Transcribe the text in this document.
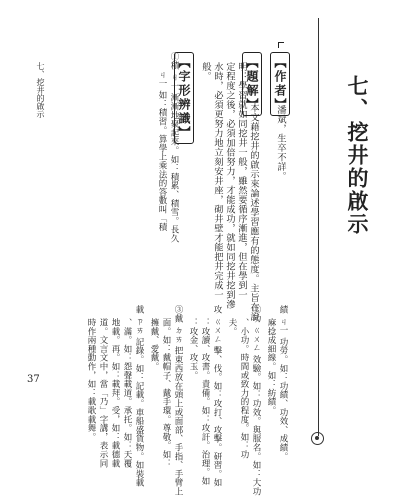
七、挖井的啟示
【 作者 】
潘斌，生卒不詳。
【 題解 】
本文藉挖井的啟示來論述學習應有的態度。主旨在說
明：學習就如同挖井一般，雖然要循序漸進，但在學到一
定程度之後，必須加倍努力，才能成功，就如同挖井挖到滲
水時，必須更努力地立刻安井座，砌井壁才能把井完成一
般。
【 字形辨識 】
①積 ㄐ一 漸漸地聚起來。如：積累、積雪。長久
ㄐ一 如：積習。算學上乘法的答數叫「積
績 ㄐ一 功勞。如：功績、功效、成績。
麻捻成細線。如：紡績。
②功 ㄍㄨㄥ 效驗。如：功效。與服名。如：大功
、小功。時間或致力的程度。如：功
夫。
攻 ㄍㄨㄥ 擊、伐。如：攻打、攻擊。研習。如
：攻讀、攻書。責備。如：攻訐。治理。如
：攻金、攻玉。
③戴 ㄉㄞ 把東西放在頭上或面部、手指、手臂上
面。如：戴帽子、戴手環。尊敬。如：
擁戴、愛戴。
載 ㄗㄞ 記錄。如：記載。車船盛貨物。如裝載
、滿。如：怨聲載道。承托。如：天覆
地載。再。如：載拜。受，如：載德載
道。文言文中，當「乃」字講，表示同
時作兩種動作，如：載歌載舞。
七、挖井的啟示
37
